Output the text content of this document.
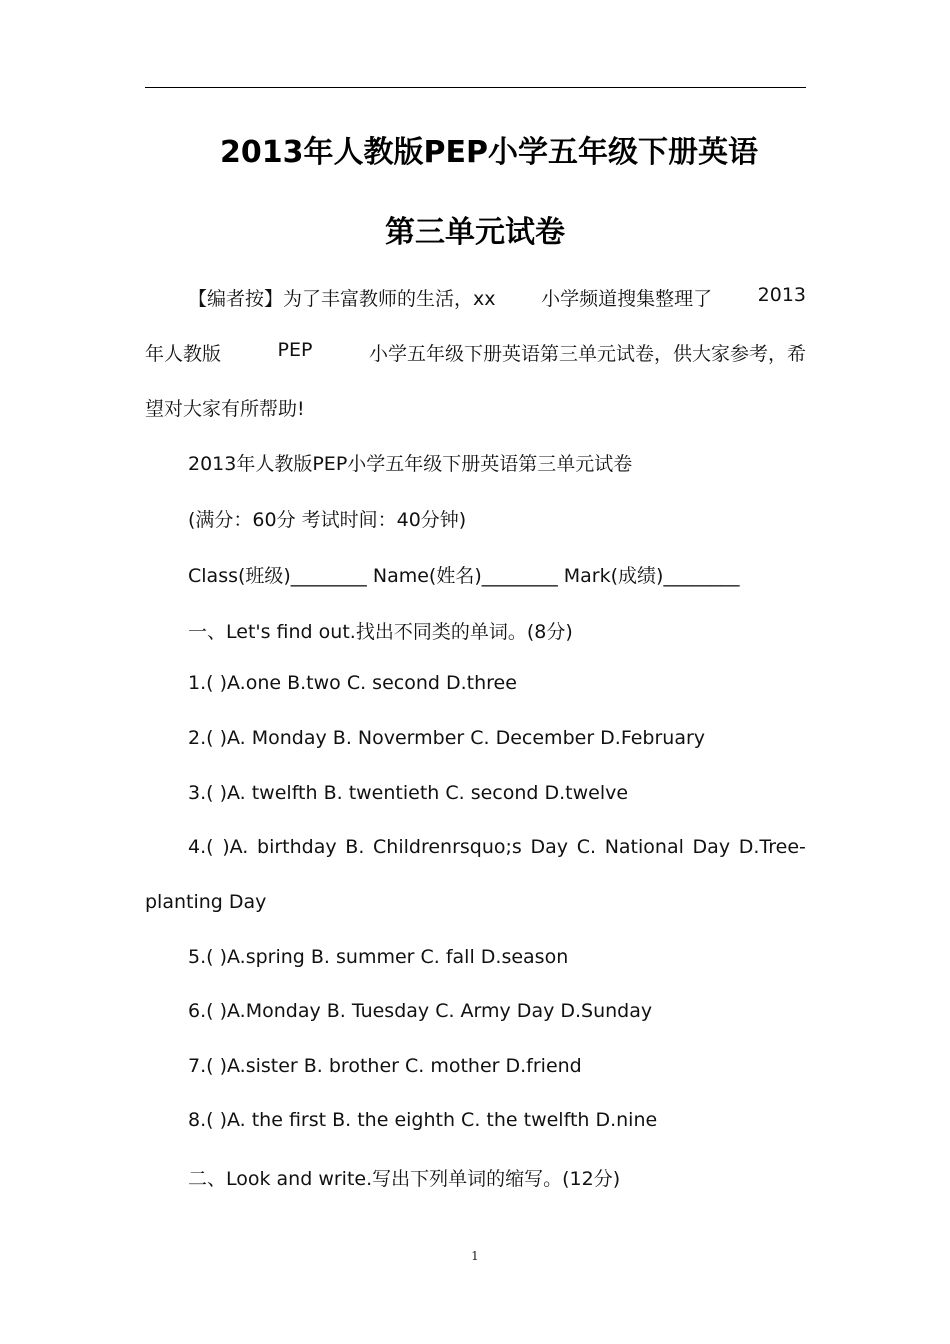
2013年人教版PEP小学五年级下册英语
第三单元试卷
【编者按】为了丰富教师的生活，xx 小学频道搜集整理了 2013
年人教版	PEP	小学五年级下册英语第三单元试卷，供大家参考，希
望对大家有所帮助!
2013年人教版PEP小学五年级下册英语第三单元试卷
(满分：60分 考试时间：40分钟)
Class(班级)________ Name(姓名)________ Mark(成绩)________
一、Let's find out.找出不同类的单词。(8分)
1.( )A.one B.two C. second D.three
2.( )A. Monday B. Novermber C. December D.February
3.( )A. twelfth B. twentieth C. second D.twelve
4.( )A. birthday B. Childrenrsquo;s Day C. National Day D.Tree-
planting Day
5.( )A.spring B. summer C. fall D.season
6.( )A.Monday B. Tuesday C. Army Day D.Sunday
7.( )A.sister B. brother C. mother D.friend
8.( )A. the first B. the eighth C. the twelfth D.nine
二、Look and write.写出下列单词的缩写。(12分)
1
